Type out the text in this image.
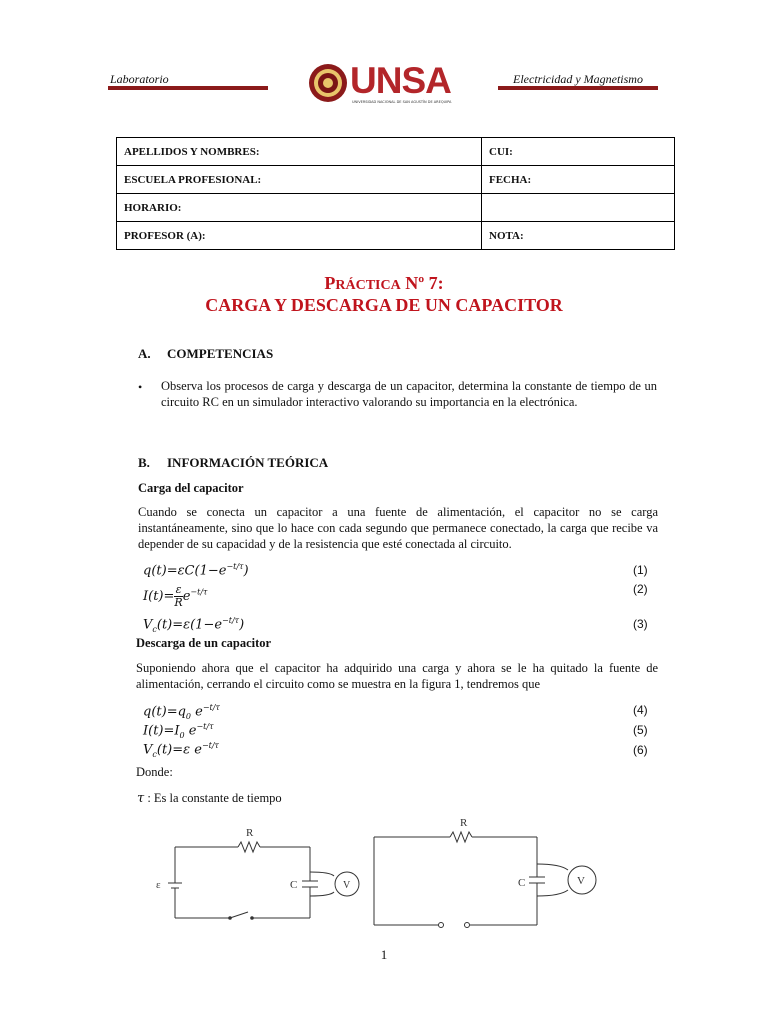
Laboratorio	UNSA
UNIVERSIDAD NACIONAL DE SAN AGUSTÍN DE AREQUIPA
Electricidad y Magnetismo
APELLIDOS Y NOMBRES:	CUI:
ESCUELA PROFESIONAL:	FECHA:
HORARIO:	
PROFESOR (A):	NOTA:
PRÁCTICA Nº 7:
CARGA Y DESCARGA DE UN CAPACITOR
A. COMPETENCIAS
• Observa los procesos de carga y descarga de un capacitor, determina la constante de tiempo de un circuito RC en un simulador interactivo valorando su importancia en la electrónica.
B. INFORMACIÓN TEÓRICA
Carga del capacitor
Cuando se conecta un capacitor a una fuente de alimentación, el capacitor no se carga instantáneamente, sino que lo hace con cada segundo que permanece conectado, la carga que recibe va depender de su capacidad y de la resistencia que esté conectada al circuito.
$q(t)=\varepsilon C(1-e^{-t/\tau})$	(1)
$I(t)= \frac{\varepsilon}{R}e^{-t/\tau}$	(2)
$V_c(t)=\varepsilon(1-e^{-t/\tau})$	(3)
Descarga de un capacitor
Suponiendo ahora que el capacitor ha adquirido una carga y ahora se le ha quitado la fuente de alimentación, cerrando el circuito como se muestra en la figura 1, tendremos que
$q(t)=q_0$ $e^{-t/\tau}$	(4)
$I(t)=I_0$ $e^{-t/\tau}$	(5)
$V_c(t)=\varepsilon$ $e^{-t/\tau}$	(6)
Donde:
τ : Es la constante de tiempo
R
ε	C	V
R
C	V
1
